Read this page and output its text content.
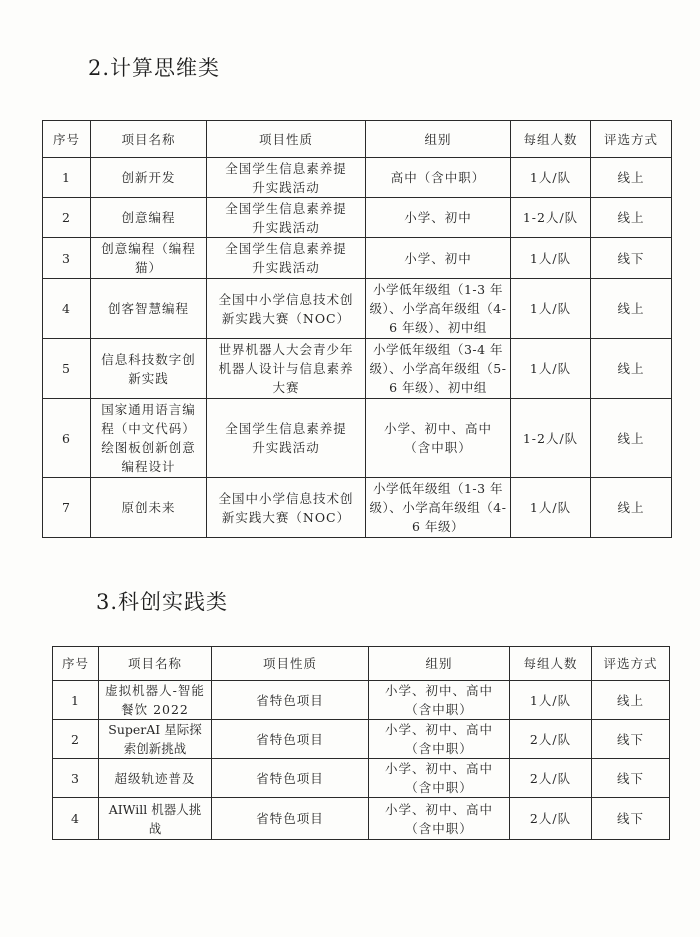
2.计算思维类
序号	项目名称	项目性质	组别	每组人数	评选方式
1	创新开发	全国学生信息素养提升实践活动	高中（含中职）	1人/队	线上
2	创意编程	全国学生信息素养提升实践活动	小学、初中	1-2人/队	线上
3	创意编程（编程猫）	全国学生信息素养提升实践活动	小学、初中	1人/队	线下
4	创客智慧编程	全国中小学信息技术创新实践大赛（NOC）	小学低年级组（1-3 年级）、小学高年级组（4-6 年级）、初中组	1人/队	线上
5	信息科技数字创新实践	世界机器人大会青少年机器人设计与信息素养大赛	小学低年级组（3-4 年级）、小学高年级组（5-6 年级）、初中组	1人/队	线上
6	国家通用语言编程（中文代码）绘图板创新创意编程设计	全国学生信息素养提升实践活动	小学、初中、高中（含中职）	1-2人/队	线上
7	原创未来	全国中小学信息技术创新实践大赛（NOC）	小学低年级组（1-3 年级）、小学高年级组（4-6 年级）	1人/队	线上
3.科创实践类
序号	项目名称	项目性质	组别	每组人数	评选方式
1	虚拟机器人-智能餐饮 2022	省特色项目	小学、初中、高中（含中职）	1人/队	线上
2	SuperAI 星际探索创新挑战	省特色项目	小学、初中、高中（含中职）	2人/队	线下
3	超级轨迹普及	省特色项目	小学、初中、高中（含中职）	2人/队	线下
4	AIWill 机器人挑战	省特色项目	小学、初中、高中（含中职）	2人/队	线下
